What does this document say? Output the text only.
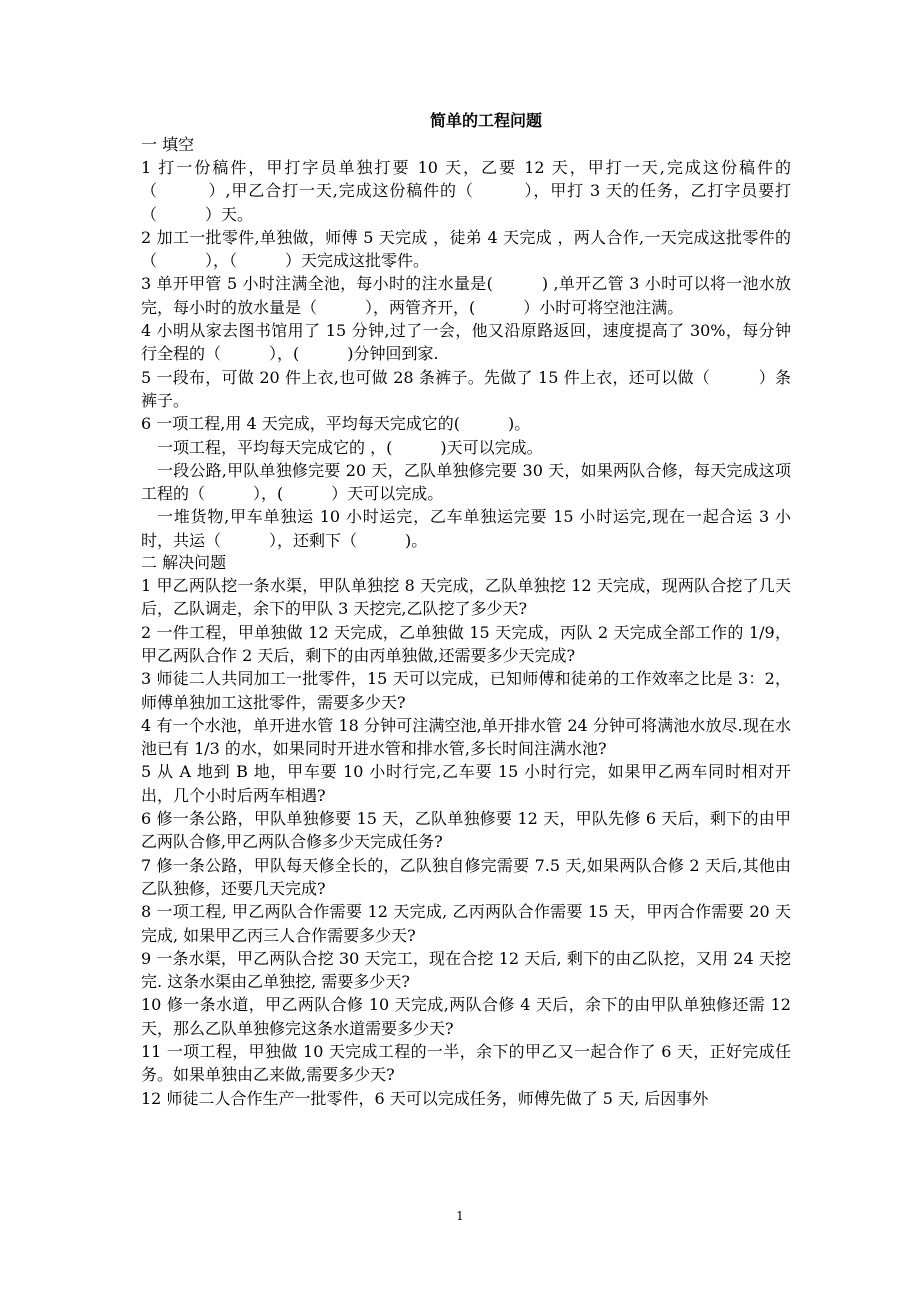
简单的工程问题
一 填空

1 打一份稿件，甲打字员单独打要 10 天，乙要 12 天，甲打一天,完成这份稿件的（　　　）,甲乙合打一天,完成这份稿件的（　　　），甲打 3 天的任务，乙打字员要打（　　　）天。

2 加工一批零件,单独做，师傅 5 天完成 ，徒弟 4 天完成 ，两人合作,一天完成这批零件的（　　　），（　　　）天完成这批零件。

3 单开甲管 5 小时注满全池，每小时的注水量是(　　　) ,单开乙管 3 小时可以将一池水放完，每小时的放水量是（　　　），两管齐开，(　　　）小时可将空池注满。

4 小明从家去图书馆用了 15 分钟,过了一会，他又沿原路返回，速度提高了 30%，每分钟行全程的（　　　），(　　　)分钟回到家.

5 一段布，可做 20 件上衣,也可做 28 条裤子。先做了 15 件上衣，还可以做（　　　）条裤子。

6 一项工程,用 4 天完成，平均每天完成它的(　　　)。

一项工程，平均每天完成它的 ，(　　　)天可以完成。

一段公路,甲队单独修完要 20 天，乙队单独修完要 30 天，如果两队合修，每天完成这项工程的（　　　），(　　　）天可以完成。

一堆货物,甲车单独运 10 小时运完，乙车单独运完要 15 小时运完,现在一起合运 3 小时，共运（　　　），还剩下（　　　)。

二 解决问题

1 甲乙两队挖一条水渠，甲队单独挖 8 天完成，乙队单独挖 12 天完成，现两队合挖了几天后，乙队调走，余下的甲队 3 天挖完,乙队挖了多少天?

2 一件工程，甲单独做 12 天完成，乙单独做 15 天完成，丙队 2 天完成全部工作的 1/9，甲乙两队合作 2 天后，剩下的由丙单独做,还需要多少天完成?

3 师徒二人共同加工一批零件，15 天可以完成，已知师傅和徒弟的工作效率之比是 3：2，师傅单独加工这批零件，需要多少天?

4 有一个水池，单开进水管 18 分钟可注满空池,单开排水管 24 分钟可将满池水放尽.现在水池已有 1/3 的水，如果同时开进水管和排水管,多长时间注满水池?

5 从 A 地到 B 地，甲车要 10 小时行完,乙车要 15 小时行完，如果甲乙两车同时相对开出，几个小时后两车相遇?

6 修一条公路，甲队单独修要 15 天，乙队单独修要 12 天，甲队先修 6 天后，剩下的由甲乙两队合修,甲乙两队合修多少天完成任务?

7 修一条公路，甲队每天修全长的，乙队独自修完需要 7.5 天,如果两队合修 2 天后,其他由乙队独修，还要几天完成?

8 一项工程, 甲乙两队合作需要 12 天完成, 乙丙两队合作需要 15 天，甲丙合作需要 20 天完成, 如果甲乙丙三人合作需要多少天?

9 一条水渠，甲乙两队合挖 30 天完工，现在合挖 12 天后, 剩下的由乙队挖，又用 24 天挖完. 这条水渠由乙单独挖, 需要多少天?

10 修一条水道，甲乙两队合修 10 天完成,两队合修 4 天后，余下的由甲队单独修还需 12 天，那么乙队单独修完这条水道需要多少天?

11 一项工程，甲独做 10 天完成工程的一半，余下的甲乙又一起合作了 6 天，正好完成任务。如果单独由乙来做,需要多少天?

12 师徒二人合作生产一批零件，6 天可以完成任务，师傅先做了 5 天, 后因事外

1
